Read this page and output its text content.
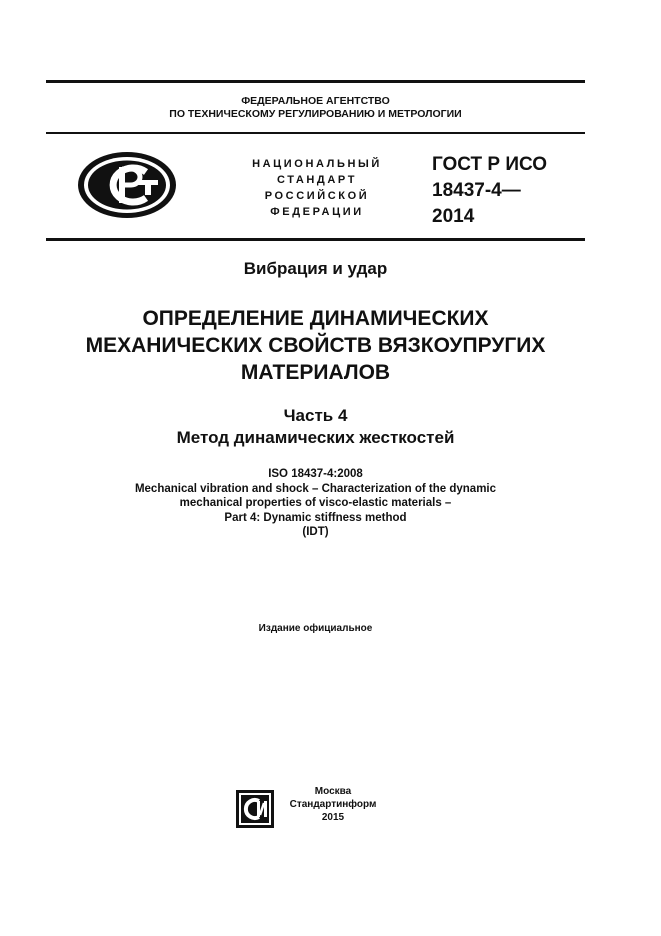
ФЕДЕРАЛЬНОЕ АГЕНТСТВО
ПО ТЕХНИЧЕСКОМУ РЕГУЛИРОВАНИЮ И МЕТРОЛОГИИ
НАЦИОНАЛЬНЫЙ
СТАНДАРТ
РОССИЙСКОЙ
ФЕДЕРАЦИИ
ГОСТ Р ИСО
18437-4—
2014
Вибрация и удар
ОПРЕДЕЛЕНИЕ ДИНАМИЧЕСКИХ
МЕХАНИЧЕСКИХ СВОЙСТВ ВЯЗКОУПРУГИХ
МАТЕРИАЛОВ
Часть 4
Метод динамических жесткостей
ISO 18437-4:2008
Mechanical vibration and shock – Characterization of the dynamic
mechanical properties of visco-elastic materials –
Part 4: Dynamic stiffness method
(IDT)
Издание официальное
Москва
Стандартинформ
2015
